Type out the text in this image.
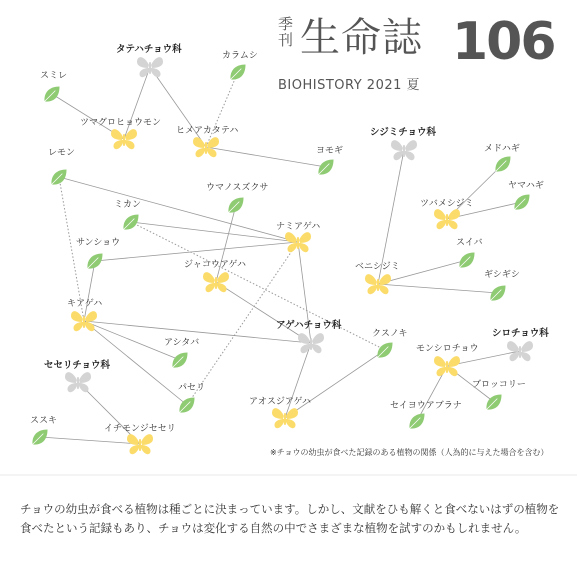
季刊 生命誌 106
BIOHISTORY 2021 夏
タテハチョウ科
シジミチョウ科
アゲハチョウ科
セセリチョウ科
シロチョウ科
ツマグロヒョウモン
ヒメアカタテハ
ツバメシジミ
ナミアゲハ
ジャコウアゲハ	ベニシジミ
キアゲハ
モンシロチョウ
アオスジアゲハ
イチモンジセセリ
スミレ
カラムシ
ヨモギ
レモン	メドハギ
ヤマハギ
ウマノスズクサ
ミカン
サンショウ	スイバ
ギシギシ
アシタバ
クスノキ
パセリ	ブロッコリー
セイヨウアブラナ
ススキ
※チョウの幼虫が食べた記録のある植物の関係（人為的に与えた場合を含む）
チョウの幼虫が食べる植物は種ごとに決まっています。しかし、文献をひも解くと食べないはずの植物を食べたという記録もあり、チョウは変化する自然の中でさまざまな植物を試すのかもしれません。
